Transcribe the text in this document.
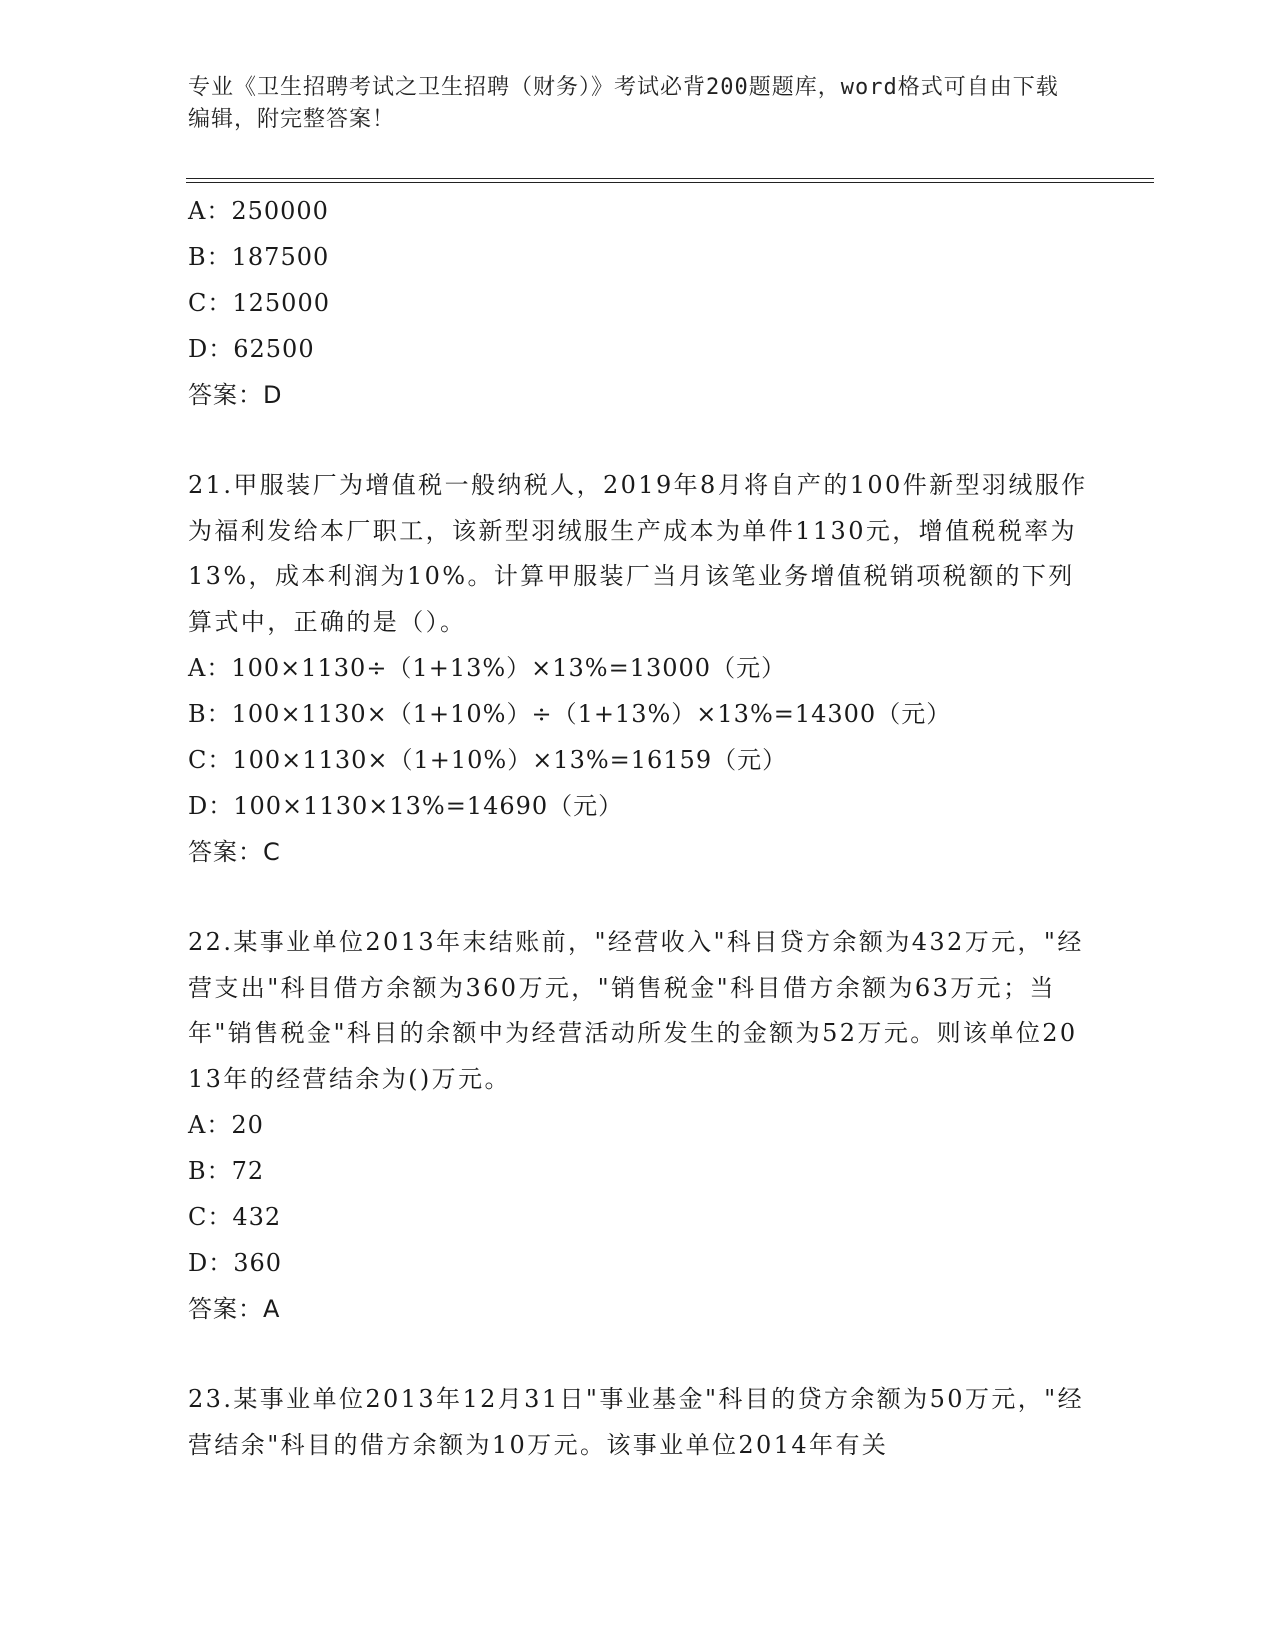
专业《卫生招聘考试之卫生招聘（财务）》考试必背200题题库，word格式可自由下载编辑，附完整答案！
A：250000
B：187500
C：125000
D：62500
答案：D
21.甲服装厂为增值税一般纳税人，2019年8月将自产的100件新型羽绒服作为福利发给本厂职工，该新型羽绒服生产成本为单件1130元，增值税税率为13%，成本利润为10%。计算甲服装厂当月该笔业务增值税销项税额的下列算式中，正确的是（）。
A：100×1130÷（1+13%）×13%=13000（元）
B：100×1130×（1+10%）÷（1+13%）×13%=14300（元）
C：100×1130×（1+10%）×13%=16159（元）
D：100×1130×13%=14690（元）
答案：C
22.某事业单位2013年末结账前，"经营收入"科目贷方余额为432万元，"经营支出"科目借方余额为360万元，"销售税金"科目借方余额为63万元；当年"销售税金"科目的余额中为经营活动所发生的金额为52万元。则该单位2013年的经营结余为()万元。
A：20
B：72
C：432
D：360
答案：A
23.某事业单位2013年12月31日"事业基金"科目的贷方余额为50万元，"经营结余"科目的借方余额为10万元。该事业单位2014年有关
